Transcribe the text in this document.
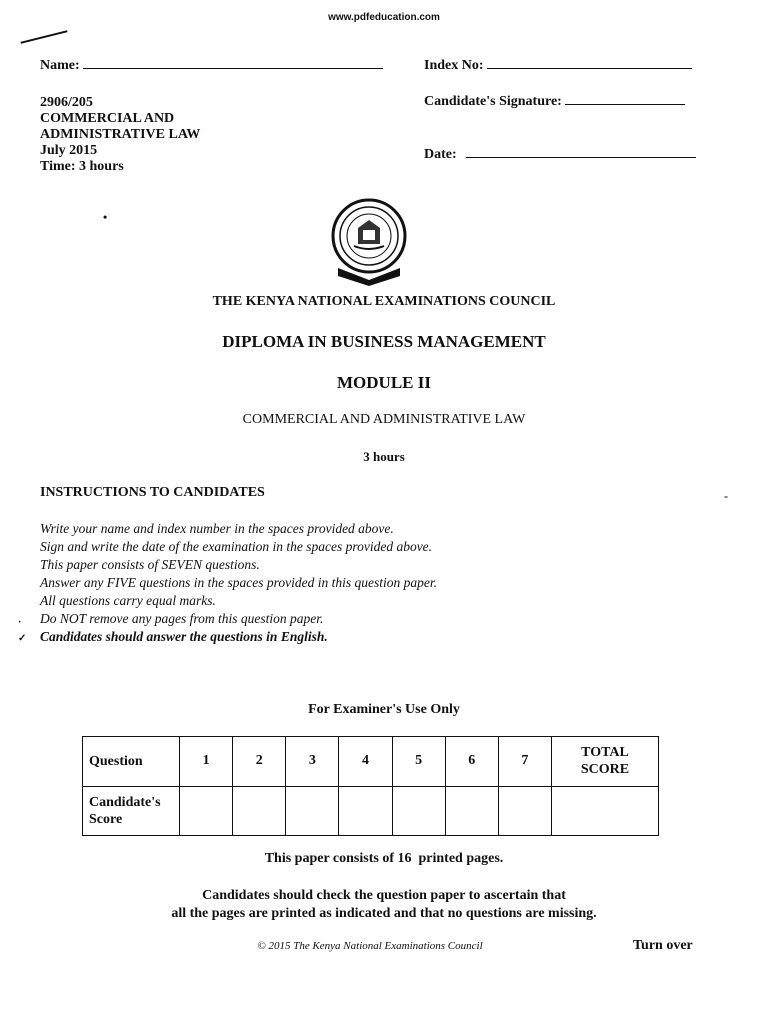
www.pdfeducation.com
Name:	Index No:
2906/205
COMMERCIAL AND
ADMINISTRATIVE LAW
July 2015
Time: 3 hours
Candidate's Signature:
Date:
•
THE KENYA NATIONAL EXAMINATIONS COUNCIL
DIPLOMA IN BUSINESS MANAGEMENT
MODULE II
COMMERCIAL AND ADMINISTRATIVE LAW
3 hours
INSTRUCTIONS TO CANDIDATES	-
Write your name and index number in the spaces provided above.
Sign and write the date of the examination in the spaces provided above.
This paper consists of SEVEN questions.
Answer any FIVE questions in the spaces provided in this question paper.
All questions carry equal marks.
Do NOT remove any pages from this question paper.
Candidates should answer the questions in English.
·
✓
For Examiner's Use Only
Question	1	2	3	4	5	6	7	TOTAL
SCORE

Candidate's
Score								

This paper consists of 16  printed pages.
Candidates should check the question paper to ascertain that
all the pages are printed as indicated and that no questions are missing.
© 2015 The Kenya National Examinations Council	Turn over
